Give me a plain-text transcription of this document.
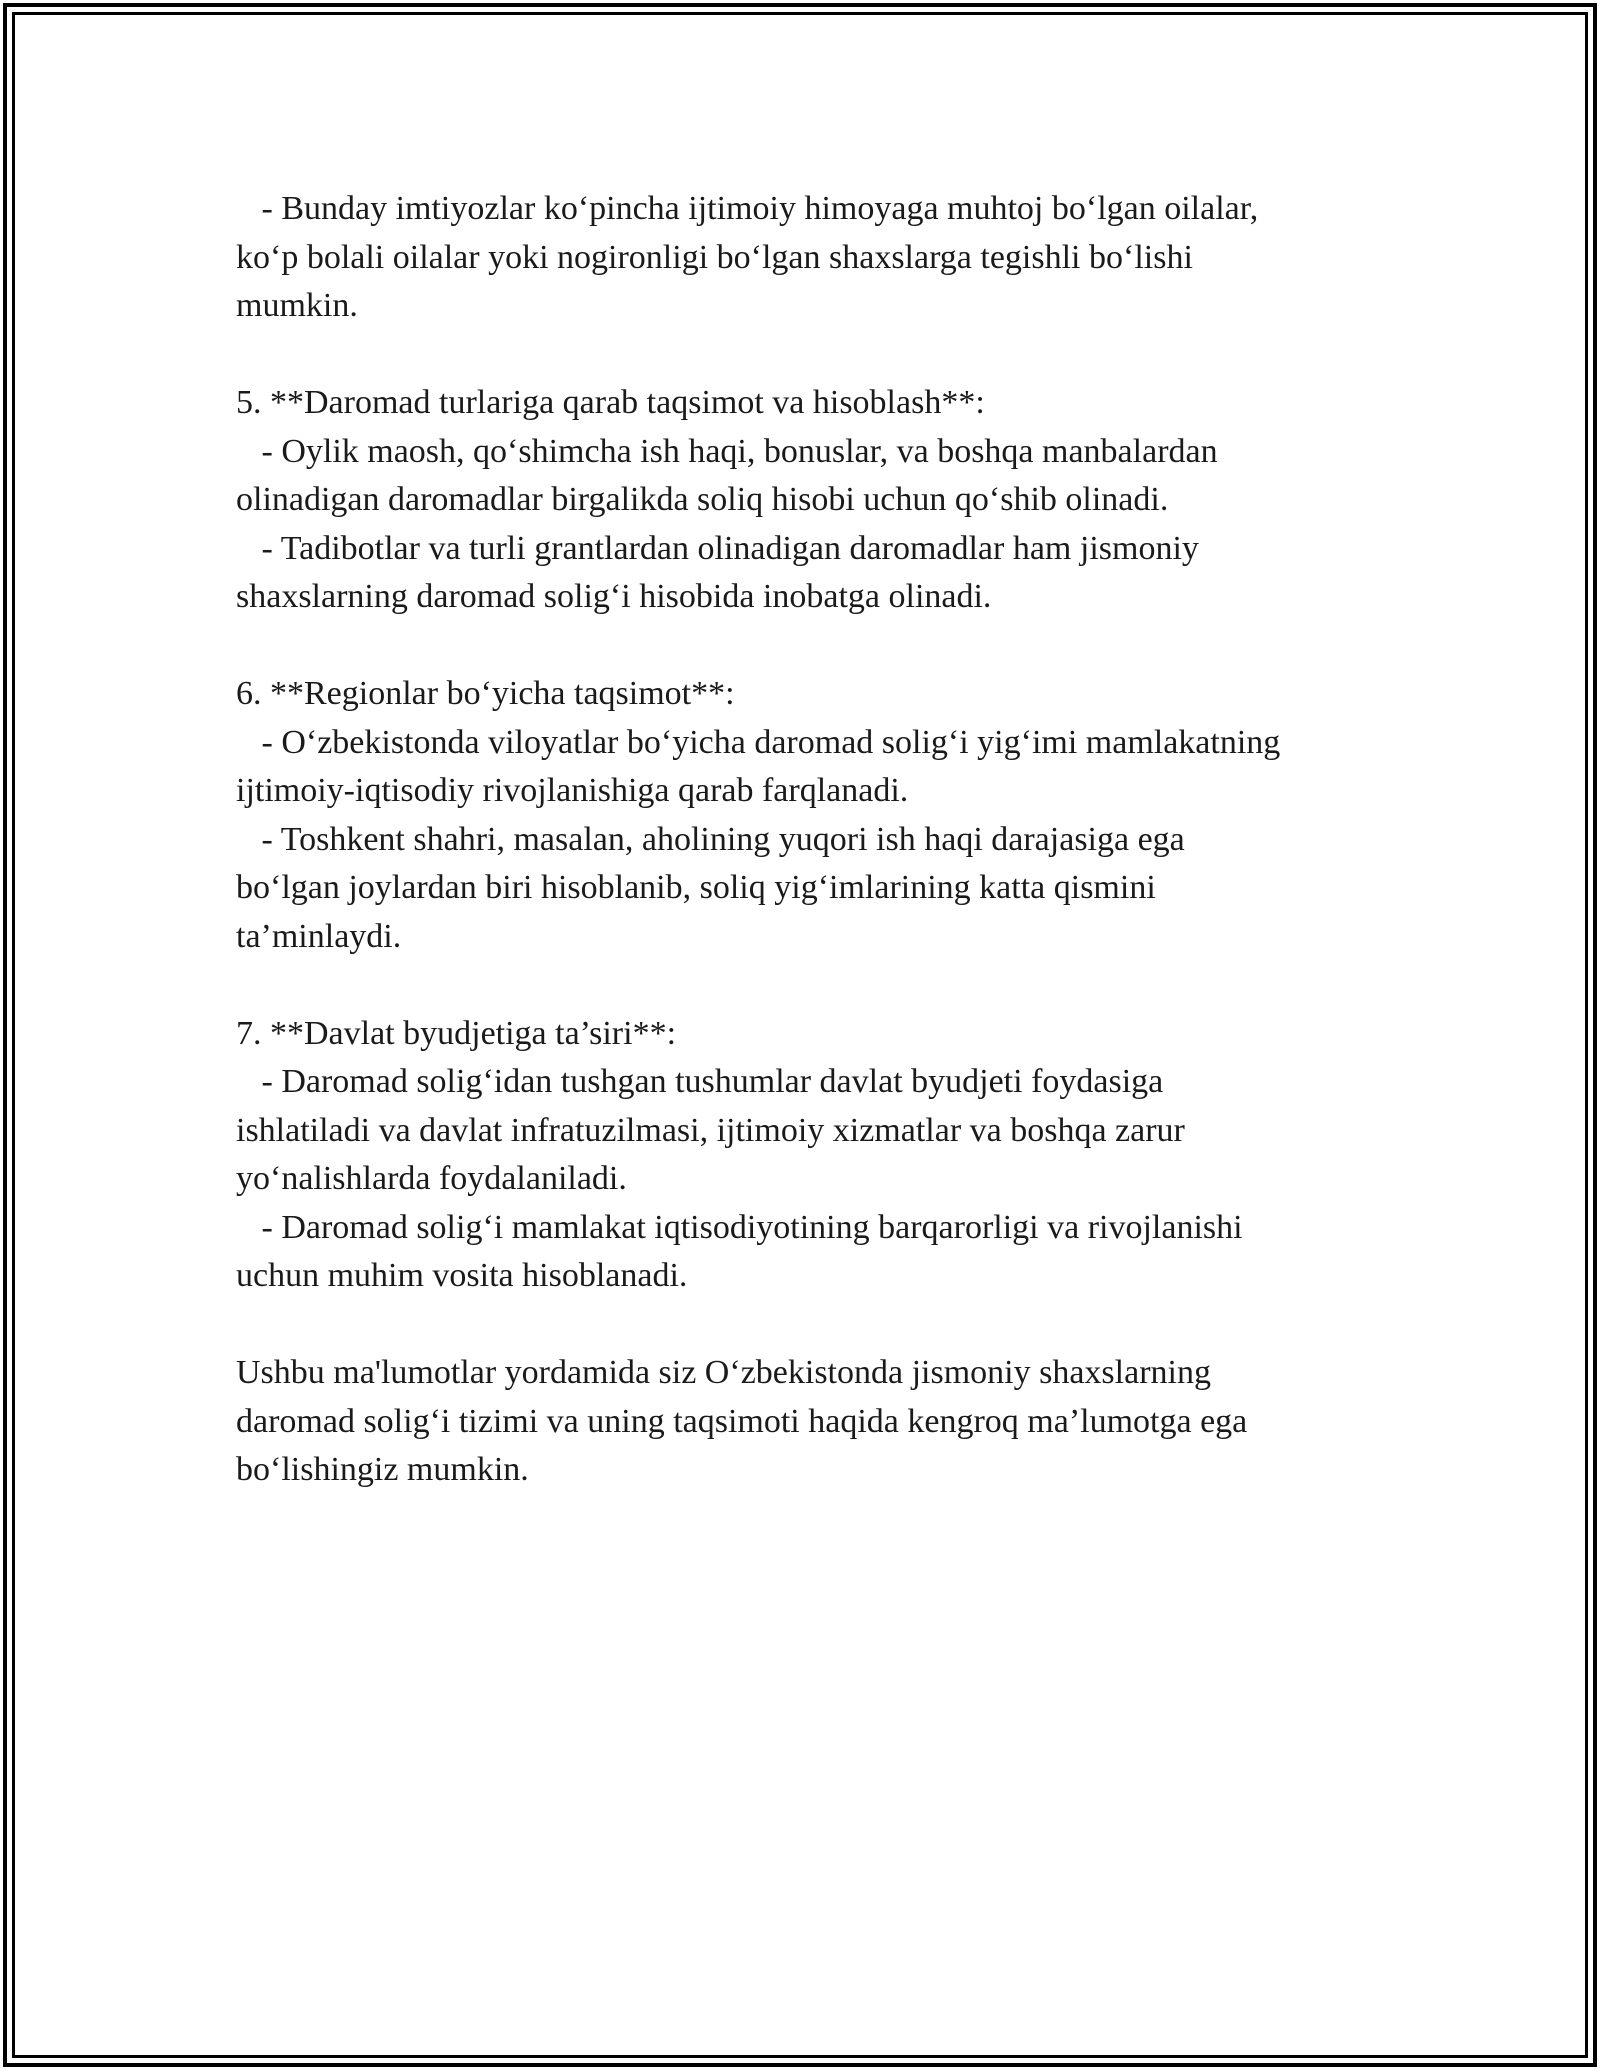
- Bunday imtiyozlar ko‘pincha ijtimoiy himoyaga muhtoj bo‘lgan oilalar,
ko‘p bolali oilalar yoki nogironligi bo‘lgan shaxslarga tegishli bo‘lishi
mumkin.
5. **Daromad turlariga qarab taqsimot va hisoblash**:
- Oylik maosh, qo‘shimcha ish haqi, bonuslar, va boshqa manbalardan
olinadigan daromadlar birgalikda soliq hisobi uchun qo‘shib olinadi.
- Tadibotlar va turli grantlardan olinadigan daromadlar ham jismoniy
shaxslarning daromad solig‘i hisobida inobatga olinadi.
6. **Regionlar bo‘yicha taqsimot**:
- O‘zbekistonda viloyatlar bo‘yicha daromad solig‘i yig‘imi mamlakatning
ijtimoiy-iqtisodiy rivojlanishiga qarab farqlanadi.
- Toshkent shahri, masalan, aholining yuqori ish haqi darajasiga ega
bo‘lgan joylardan biri hisoblanib, soliq yig‘imlarining katta qismini
ta’minlaydi.
7. **Davlat byudjetiga ta’siri**:
- Daromad solig‘idan tushgan tushumlar davlat byudjeti foydasiga
ishlatiladi va davlat infratuzilmasi, ijtimoiy xizmatlar va boshqa zarur
yo‘nalishlarda foydalaniladi.
- Daromad solig‘i mamlakat iqtisodiyotining barqarorligi va rivojlanishi
uchun muhim vosita hisoblanadi.
Ushbu ma'lumotlar yordamida siz O‘zbekistonda jismoniy shaxslarning
daromad solig‘i tizimi va uning taqsimoti haqida kengroq ma’lumotga ega
bo‘lishingiz mumkin.
